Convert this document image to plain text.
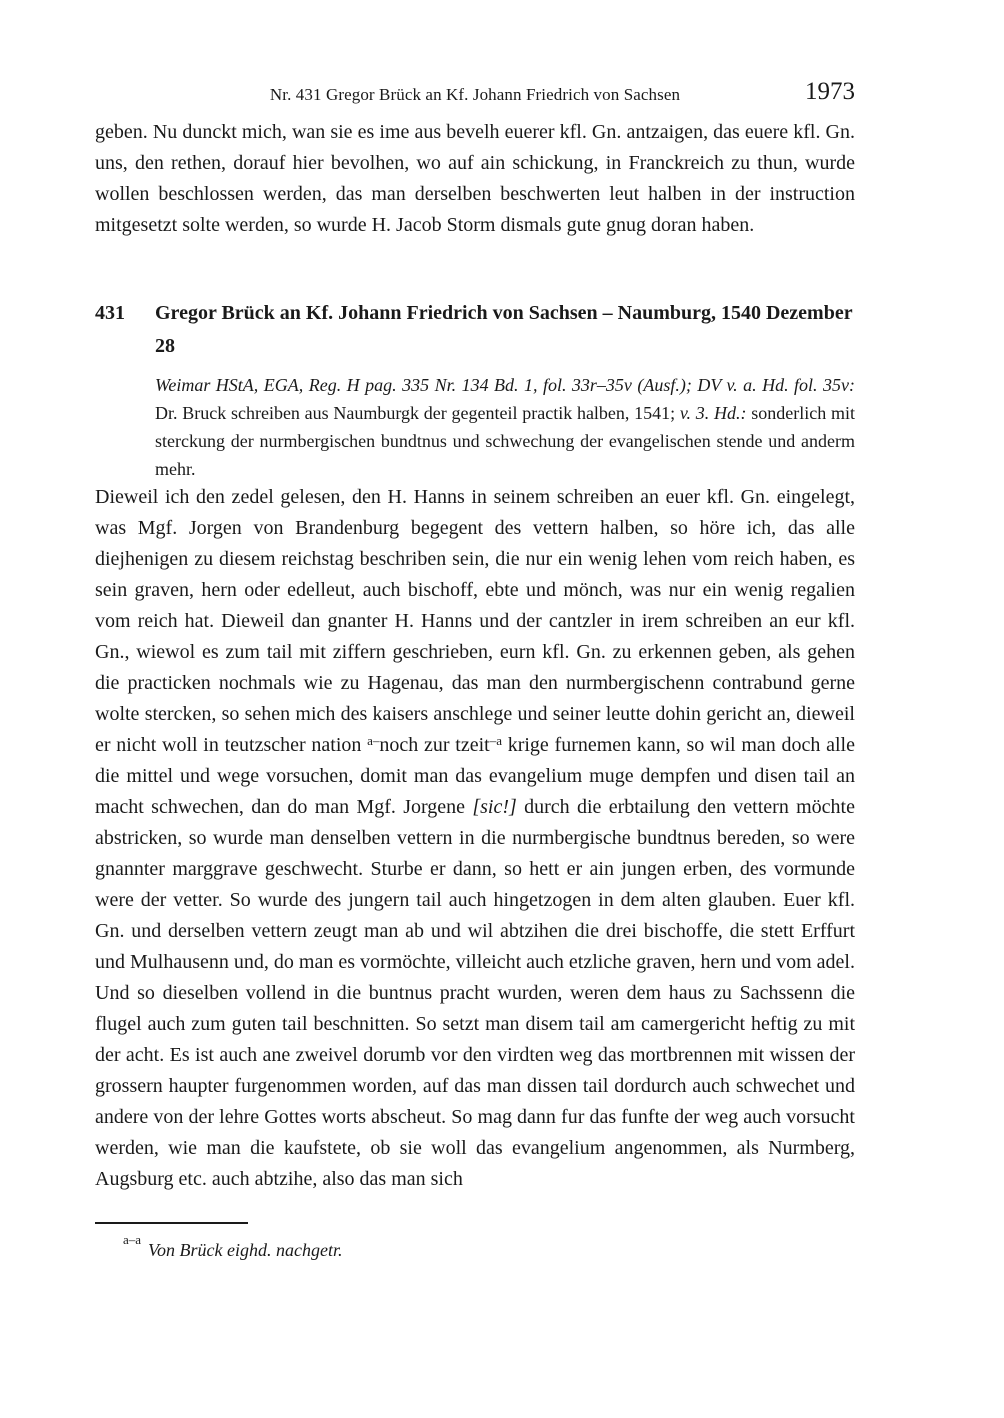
Nr. 431 Gregor Brück an Kf. Johann Friedrich von Sachsen	1973

geben. Nu dunckt mich, wan sie es ime aus bevelh euerer kfl. Gn. antzaigen, das euere kfl. Gn. uns, den rethen, dorauf hier bevolhen, wo auf ain schickung, in Franckreich zu thun, wurde wollen beschlossen werden, das man derselben beschwerten leut halben in der instruction mitgesetzt solte werden, so wurde H. Jacob Storm dismals gute gnug doran haben.

431 Gregor Brück an Kf. Johann Friedrich von Sachsen – Naumburg, 1540 Dezember 28

Weimar HStA, EGA, Reg. H pag. 335 Nr. 134 Bd. 1, fol. 33r–35v (Ausf.); DV v. a. Hd. fol. 35v: Dr. Bruck schreiben aus Naumburgk der gegenteil practik halben, 1541; v. 3. Hd.: sonderlich mit sterckung der nurmbergischen bundtnus und schwechung der evangelischen stende und anderm mehr.

Dieweil ich den zedel gelesen, den H. Hanns in seinem schreiben an euer kfl. Gn. eingelegt, was Mgf. Jorgen von Brandenburg begegent des vettern halben, so höre ich, das alle diejhenigen zu diesem reichstag beschriben sein, die nur ein wenig lehen vom reich haben, es sein graven, hern oder edelleut, auch bischoff, ebte und mönch, was nur ein wenig regalien vom reich hat. Dieweil dan gnanter H. Hanns und der cantzler in irem schreiben an eur kfl. Gn., wiewol es zum tail mit ziffern geschrieben, eurn kfl. Gn. zu erkennen geben, als gehen die practicken nochmals wie zu Hagenau, das man den nurmbergischenn contrabund gerne wolte stercken, so sehen mich des kaisers anschlege und seiner leutte dohin gericht an, dieweil er nicht woll in teutzscher nation $^{a-}$noch zur tzeit$^{-a}$ krige furnemen kann, so wil man doch alle die mittel und wege vorsuchen, domit man das evangelium muge dempfen und disen tail an macht schwechen, dan do man Mgf. Jorgene [sic!] durch die erbtailung den vettern möchte abstricken, so wurde man denselben vettern in die nurmbergische bundtnus bereden, so were gnannter marggrave geschwecht. Sturbe er dann, so hett er ain jungen erben, des vormunde were der vetter. So wurde des jungern tail auch hingetzogen in dem alten glauben. Euer kfl. Gn. und derselben vettern zeugt man ab und wil abtzihen die drei bischoffe, die stett Erffurt und Mulhausenn und, do man es vormöchte, villeicht auch etzliche graven, hern und vom adel. Und so dieselben vollend in die buntnus pracht wurden, weren dem haus zu Sachssenn die flugel auch zum guten tail beschnitten. So setzt man disem tail am camergericht heftig zu mit der acht. Es ist auch ane zweivel dorumb vor den virdten weg das mortbrennen mit wissen der grossern haupter furgenommen worden, auf das man dissen tail dordurch auch schwechet und andere von der lehre Gottes worts abscheut. So mag dann fur das funfte der weg auch vorsucht werden, wie man die kaufstete, ob sie woll das evangelium angenommen, als Nurmberg, Augsburg etc. auch abtzihe, also das man sich

$^{a-a}$Von Brück eighd. nachgetr.
